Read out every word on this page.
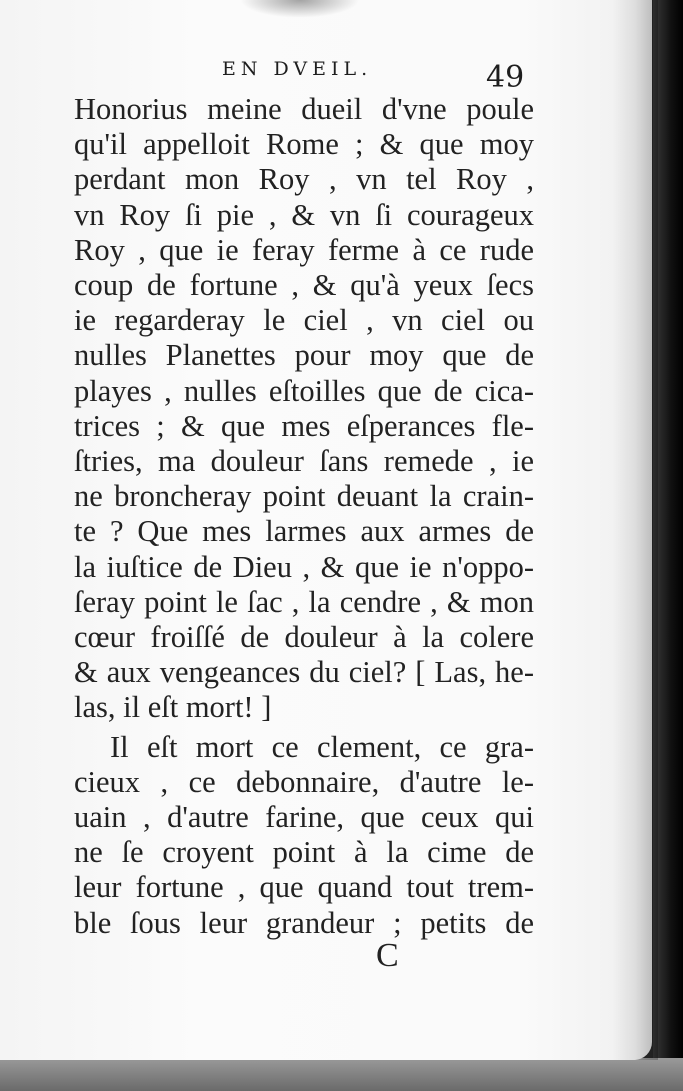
EN DVEIL.	49
Honorius meine dueil d'vne poule
qu'il appelloit Rome ; & que moy
perdant mon Roy , vn tel Roy ,
vn Roy ſi pie , & vn ſi courageux
Roy , que ie feray ferme à ce rude
coup de fortune , & qu'à yeux ſecs
ie regarderay le ciel , vn ciel ou
nulles Planettes pour moy que de
playes , nulles eſtoilles que de cica-
trices ; & que mes eſperances fle-
ſtries, ma douleur ſans remede , ie
ne broncheray point deuant la crain-
te ? Que mes larmes aux armes de
la iuſtice de Dieu , & que ie n'oppo-
ſeray point le ſac , la cendre , & mon
cœur froiſſé de douleur à la colere
& aux vengeances du ciel? [ Las, he-
las, il eſt mort! ]
Il eſt mort ce clement, ce gra-
cieux , ce debonnaire, d'autre le-
uain , d'autre farine, que ceux qui
ne ſe croyent point à la cime de
leur fortune , que quand tout trem-
ble ſous leur grandeur ; petits de
C
